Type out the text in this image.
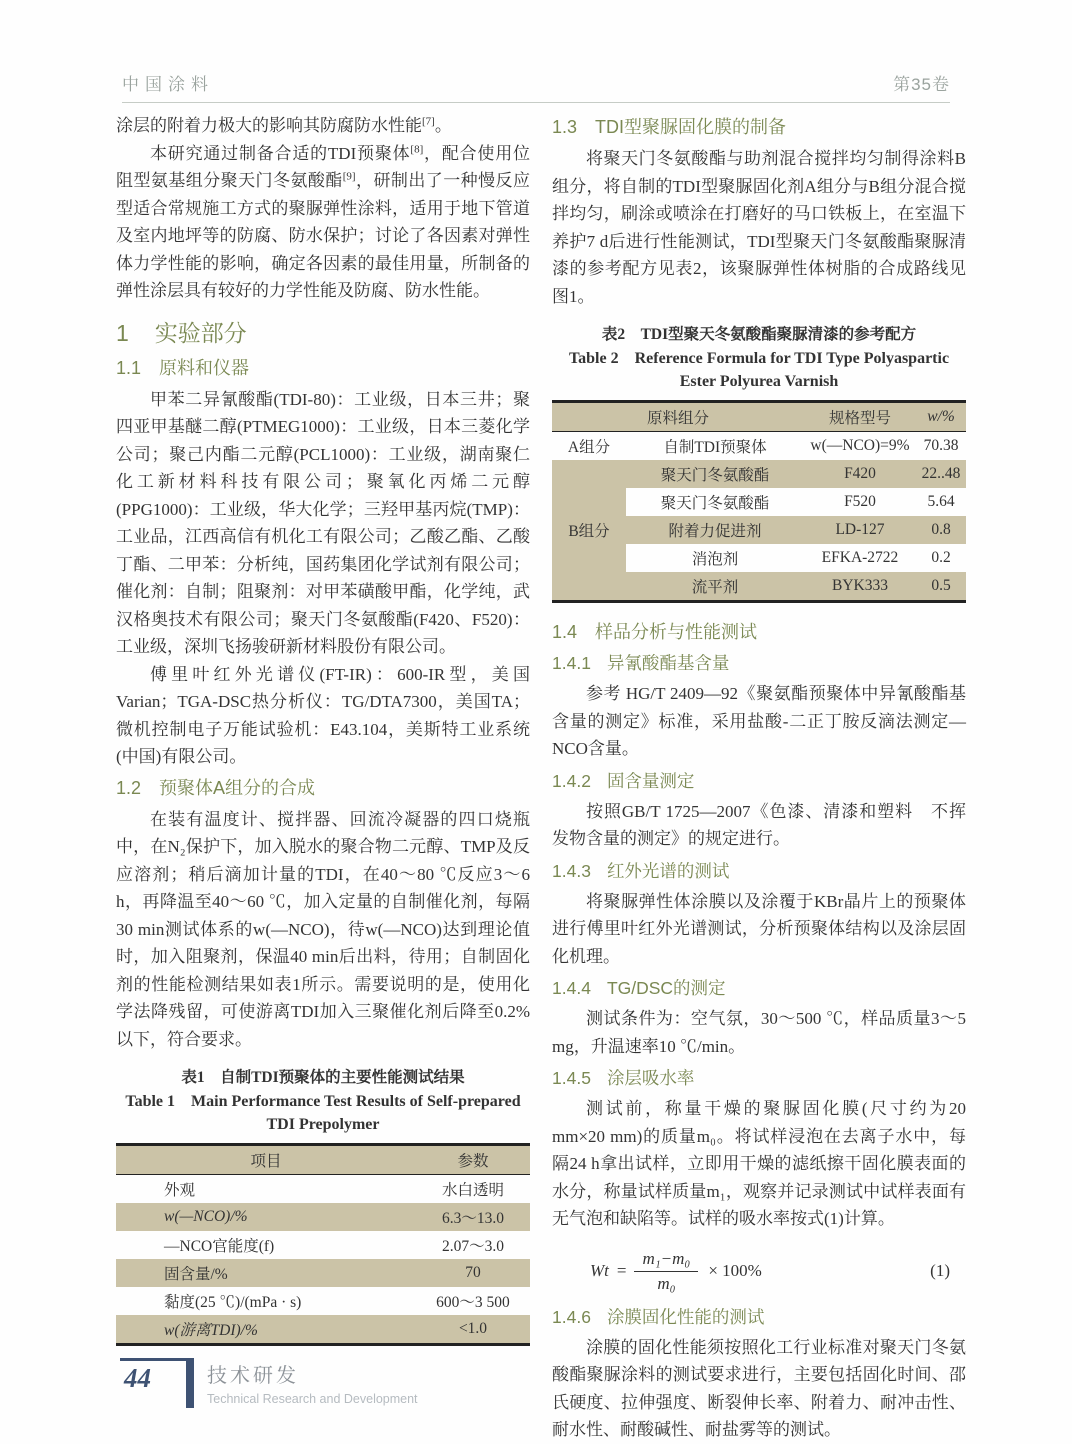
中国涂料	第35卷

涂层的附着力极大的影响其防腐防水性能[7]。

本研究通过制备合适的TDI预聚体[8]，配合使用位阻型氨基组分聚天门冬氨酸酯[9]，研制出了一种慢反应型适合常规施工方式的聚脲弹性涂料，适用于地下管道及室内地坪等的防腐、防水保护；讨论了各因素对弹性体力学性能的影响，确定各因素的最佳用量，所制备的弹性涂层具有较好的力学性能及防腐、防水性能。

1 实验部分
1.1 原料和仪器

甲苯二异氰酸酯(TDI-80)：工业级，日本三井；聚四亚甲基醚二醇(PTMEG1000)：工业级，日本三菱化学公司；聚己内酯二元醇(PCL1000)：工业级，湖南聚仁化工新材料科技有限公司；聚氧化丙烯二元醇(PPG1000)：工业级，华大化学；三羟甲基丙烷(TMP)：工业品，江西高信有机化工有限公司；乙酸乙酯、乙酸丁酯、二甲苯：分析纯，国药集团化学试剂有限公司；催化剂：自制；阻聚剂：对甲苯磺酸甲酯，化学纯，武汉格奥技术有限公司；聚天门冬氨酸酯(F420、F520)：工业级，深圳飞扬骏研新材料股份有限公司。

傅里叶红外光谱仪(FT-IR)：600-IR型，美国Varian；TGA-DSC热分析仪：TG/DTA7300，美国TA；微机控制电子万能试验机：E43.104，美斯特工业系统(中国)有限公司。

1.2 预聚体A组分的合成

在装有温度计、搅拌器、回流冷凝器的四口烧瓶中，在N₂保护下，加入脱水的聚合物二元醇、TMP及反应溶剂；稍后滴加计量的TDI，在40～80 ℃反应3～6 h，再降温至40～60 ℃，加入定量的自制催化剂，每隔30 min测试体系的w(—NCO)，待w(—NCO)达到理论值时，加入阻聚剂，保温40 min后出料，待用；自制固化剂的性能检测结果如表1所示。需要说明的是，使用化学法降残留，可使游离TDI加入三聚催化剂后降至0.2%以下，符合要求。

表1　自制TDI预聚体的主要性能测试结果
Table 1　Main Performance Test Results of Self-prepared
TDI Prepolymer
项目	参数
外观	水白透明
w(—NCO)/%	6.3～13.0
—NCO官能度(f)	2.07～3.0
固含量/%	70
黏度(25 ℃)/(mPa · s)	600～3 500
w(游离TDI)/%	<1.0
1.3 TDI型聚脲固化膜的制备

将聚天门冬氨酸酯与助剂混合搅拌均匀制得涂料B组分，将自制的TDI型聚脲固化剂A组分与B组分混合搅拌均匀，刷涂或喷涂在打磨好的马口铁板上，在室温下养护7 d后进行性能测试，TDI型聚天门冬氨酸酯聚脲清漆的参考配方见表2，该聚脲弹性体树脂的合成路线见图1。

表2　TDI型聚天冬氨酸酯聚脲清漆的参考配方
Table 2　Reference Formula for TDI Type Polyaspartic
Ester Polyurea Varnish
原料组分		规格型号	w/%
A组分	自制TDI预聚体	w(—NCO)=9%	70.38
B组分	聚天门冬氨酸酯	F420	22..48
	聚天门冬氨酸酯	F520	5.64
	附着力促进剂	LD-127	0.8
	消泡剂	EFKA-2722	0.2
	流平剂	BYK333	0.5
1.4 样品分析与性能测试
1.4.1 异氰酸酯基含量

参考 HG/T 2409—92《聚氨酯预聚体中异氰酸酯基含量的测定》标准，采用盐酸-二正丁胺反滴法测定—NCO含量。

1.4.2 固含量测定

按照GB/T 1725—2007《色漆、清漆和塑料　不挥发物含量的测定》的规定进行。

1.4.3 红外光谱的测试

将聚脲弹性体涂膜以及涂覆于KBr晶片上的预聚体进行傅里叶红外光谱测试，分析预聚体结构以及涂层固化机理。

1.4.4 TG/DSC的测定

测试条件为：空气氛，30～500 ℃，样品质量3～5 mg，升温速率10 ℃/min。

1.4.5 涂层吸水率

测试前，称量干燥的聚脲固化膜(尺寸约为20 mm×20 mm)的质量m₀。将试样浸泡在去离子水中，每隔24 h拿出试样，立即用干燥的滤纸擦干固化膜表面的水分，称量试样质量m₁，观察并记录测试中试样表面有无气泡和缺陷等。试样的吸水率按式(1)计算。

$Wt = \frac{\text{m₁−m₀}}{\text{m₀}} \times 100\%$	(1)
1.4.6 涂膜固化性能的测试

涂膜的固化性能须按照化工行业标准对聚天门冬氨酸酯聚脲涂料的测试要求进行，主要包括固化时间、邵氏硬度、拉伸强度、断裂伸长率、附着力、耐冲击性、耐水性、耐酸碱性、耐盐雾等的测试。

44	技术研发
Technical Research and Development
